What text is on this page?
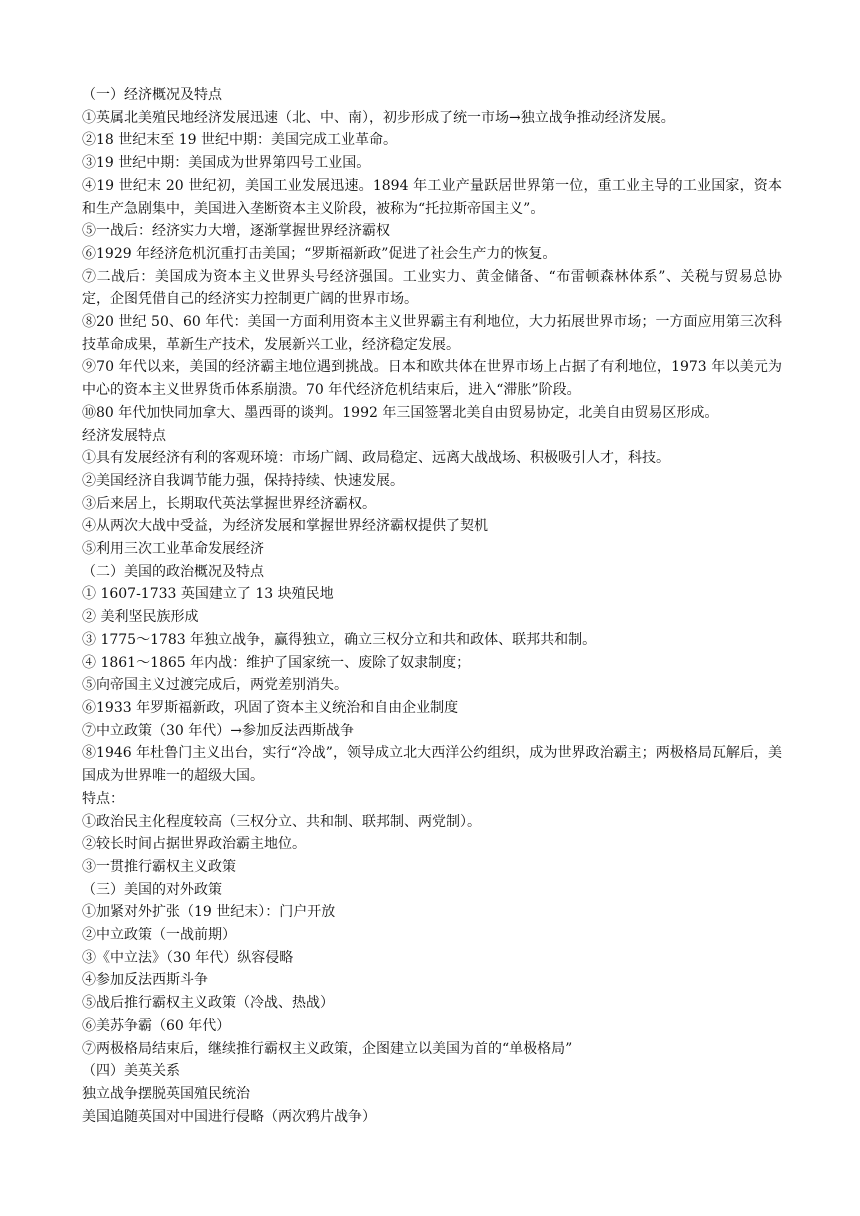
（一）经济概况及特点
①英属北美殖民地经济发展迅速（北、中、南），初步形成了统一市场→独立战争推动经济发展。
②18 世纪末至 19 世纪中期：美国完成工业革命。
③19 世纪中期：美国成为世界第四号工业国。
④19 世纪末 20 世纪初，美国工业发展迅速。1894 年工业产量跃居世界第一位，重工业主导的工业国家，资本和生产急剧集中，美国进入垄断资本主义阶段，被称为“托拉斯帝国主义”。
⑤一战后：经济实力大增，逐渐掌握世界经济霸权
⑥1929 年经济危机沉重打击美国；“罗斯福新政”促进了社会生产力的恢复。
⑦二战后：美国成为资本主义世界头号经济强国。工业实力、黄金储备、“布雷顿森林体系”、关税与贸易总协定，企图凭借自己的经济实力控制更广阔的世界市场。
⑧20 世纪 50、60 年代：美国一方面利用资本主义世界霸主有利地位，大力拓展世界市场；一方面应用第三次科技革命成果，革新生产技术，发展新兴工业，经济稳定发展。
⑨70 年代以来，美国的经济霸主地位遇到挑战。日本和欧共体在世界市场上占据了有利地位，1973 年以美元为中心的资本主义世界货币体系崩溃。70 年代经济危机结束后，进入“滞胀”阶段。
⑩80 年代加快同加拿大、墨西哥的谈判。1992 年三国签署北美自由贸易协定，北美自由贸易区形成。
经济发展特点
①具有发展经济有利的客观环境：市场广阔、政局稳定、远离大战战场、积极吸引人才，科技。
②美国经济自我调节能力强，保持持续、快速发展。
③后来居上，长期取代英法掌握世界经济霸权。
④从两次大战中受益，为经济发展和掌握世界经济霸权提供了契机
⑤利用三次工业革命发展经济
（二）美国的政治概况及特点
① 1607-1733 英国建立了 13 块殖民地
② 美利坚民族形成
③ 1775～1783 年独立战争，赢得独立，确立三权分立和共和政体、联邦共和制。
④ 1861～1865 年内战：维护了国家统一、废除了奴隶制度；
⑤向帝国主义过渡完成后，两党差别消失。
⑥1933 年罗斯福新政，巩固了资本主义统治和自由企业制度
⑦中立政策（30 年代）→参加反法西斯战争
⑧1946 年杜鲁门主义出台，实行“冷战”，领导成立北大西洋公约组织，成为世界政治霸主；两极格局瓦解后，美国成为世界唯一的超级大国。
特点：
①政治民主化程度较高（三权分立、共和制、联邦制、两党制）。
②较长时间占据世界政治霸主地位。
③一贯推行霸权主义政策
（三）美国的对外政策
①加紧对外扩张（19 世纪末）：门户开放
②中立政策（一战前期）
③《中立法》（30 年代）纵容侵略
④参加反法西斯斗争
⑤战后推行霸权主义政策（冷战、热战）
⑥美苏争霸（60 年代）
⑦两极格局结束后，继续推行霸权主义政策，企图建立以美国为首的“单极格局”
（四）美英关系
独立战争摆脱英国殖民统治
美国追随英国对中国进行侵略（两次鸦片战争）
